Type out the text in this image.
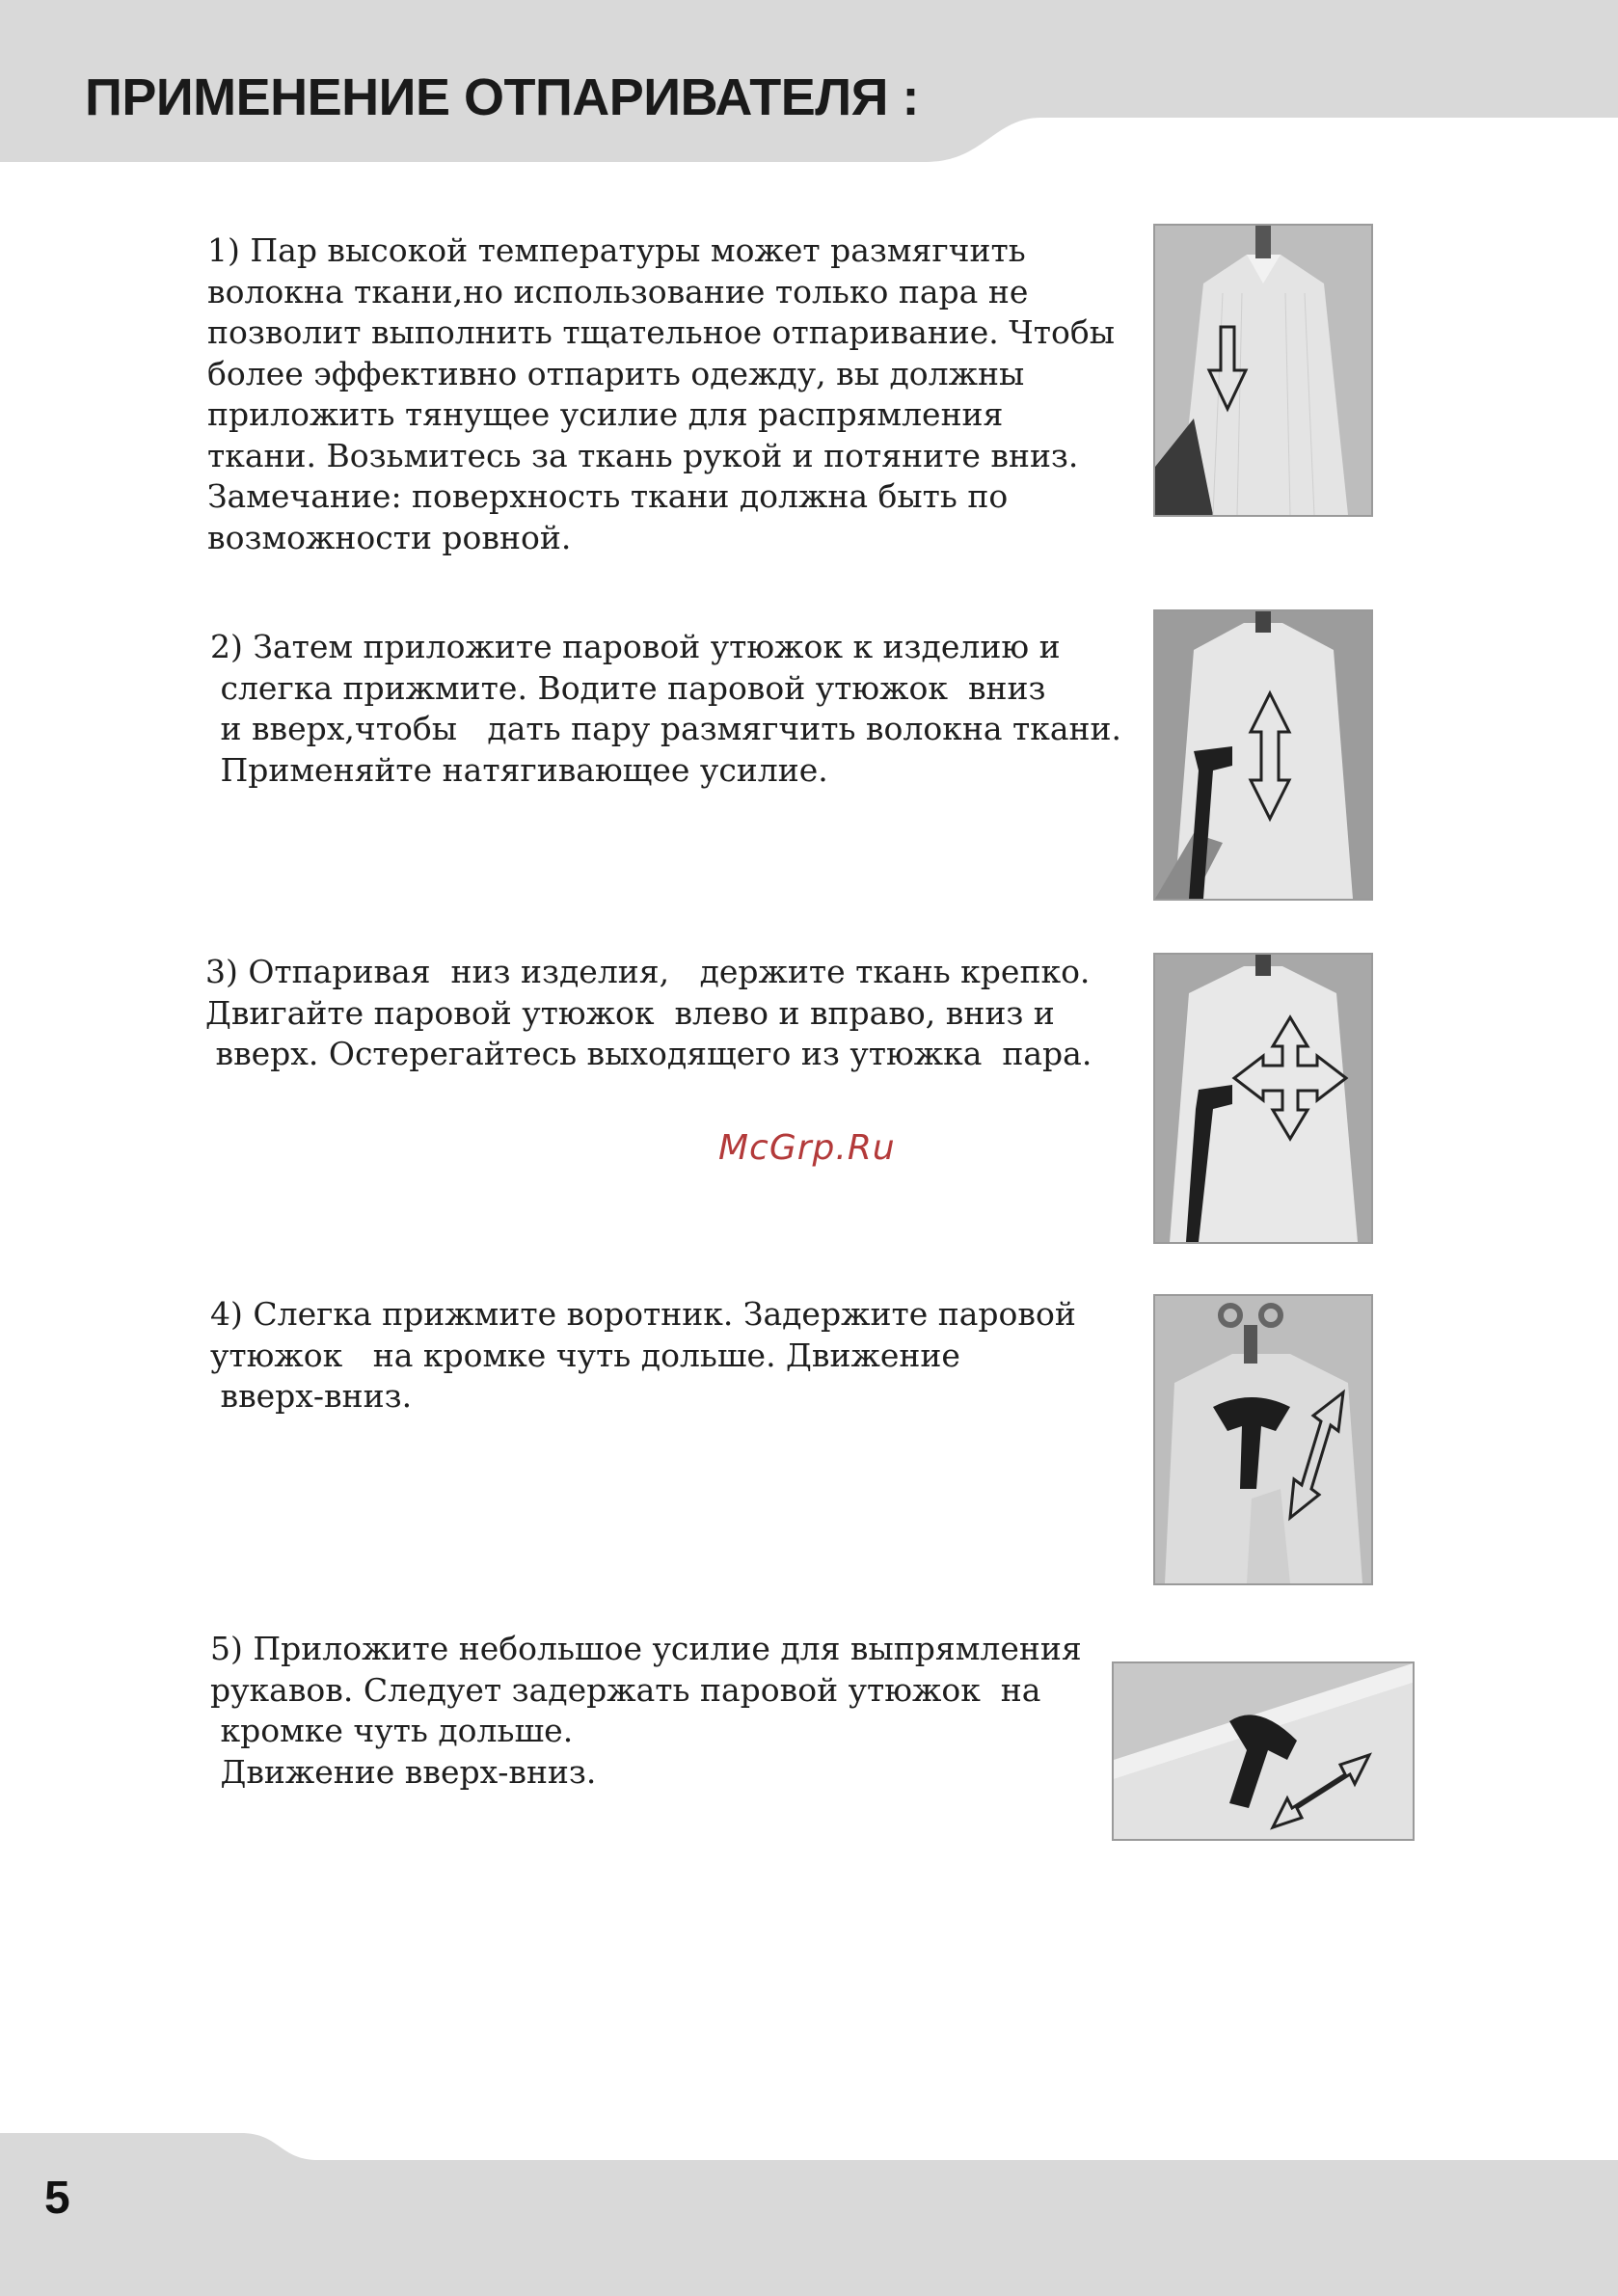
ПРИМЕНЕНИЕ ОТПАРИВАТЕЛЯ :

1) Пар высокой температуры может размягчить
волокна ткани,но использование только пара не
позволит выполнить тщательное отпаривание. Чтобы
более эффективно отпарить одежду, вы должны
приложить тянущее усилие для распрямления
ткани. Возьмитесь за ткань рукой и потяните вниз.
Замечание: поверхность ткани должна быть по
возможности ровной.

2) Затем приложите паровой утюжок к изделию и
слегка прижмите. Водите паровой утюжок  вниз
и вверх,чтобы   дать пару размягчить волокна ткани.
Применяйте натягивающее усилие.

3) Отпаривая  низ изделия,   держите ткань крепко.
Двигайте паровой утюжок  влево и вправо, вниз и
вверх. Остерегайтесь выходящего из утюжка  пара.

4) Слегка прижмите воротник. Задержите паровой
утюжок   на кромке чуть дольше. Движение
вверх-вниз.

5) Приложите небольшое усилие для выпрямления
рукавов. Следует задержать паровой утюжок  на
кромке чуть дольше.
Движение вверх-вниз.

McGrp.Ru
5
